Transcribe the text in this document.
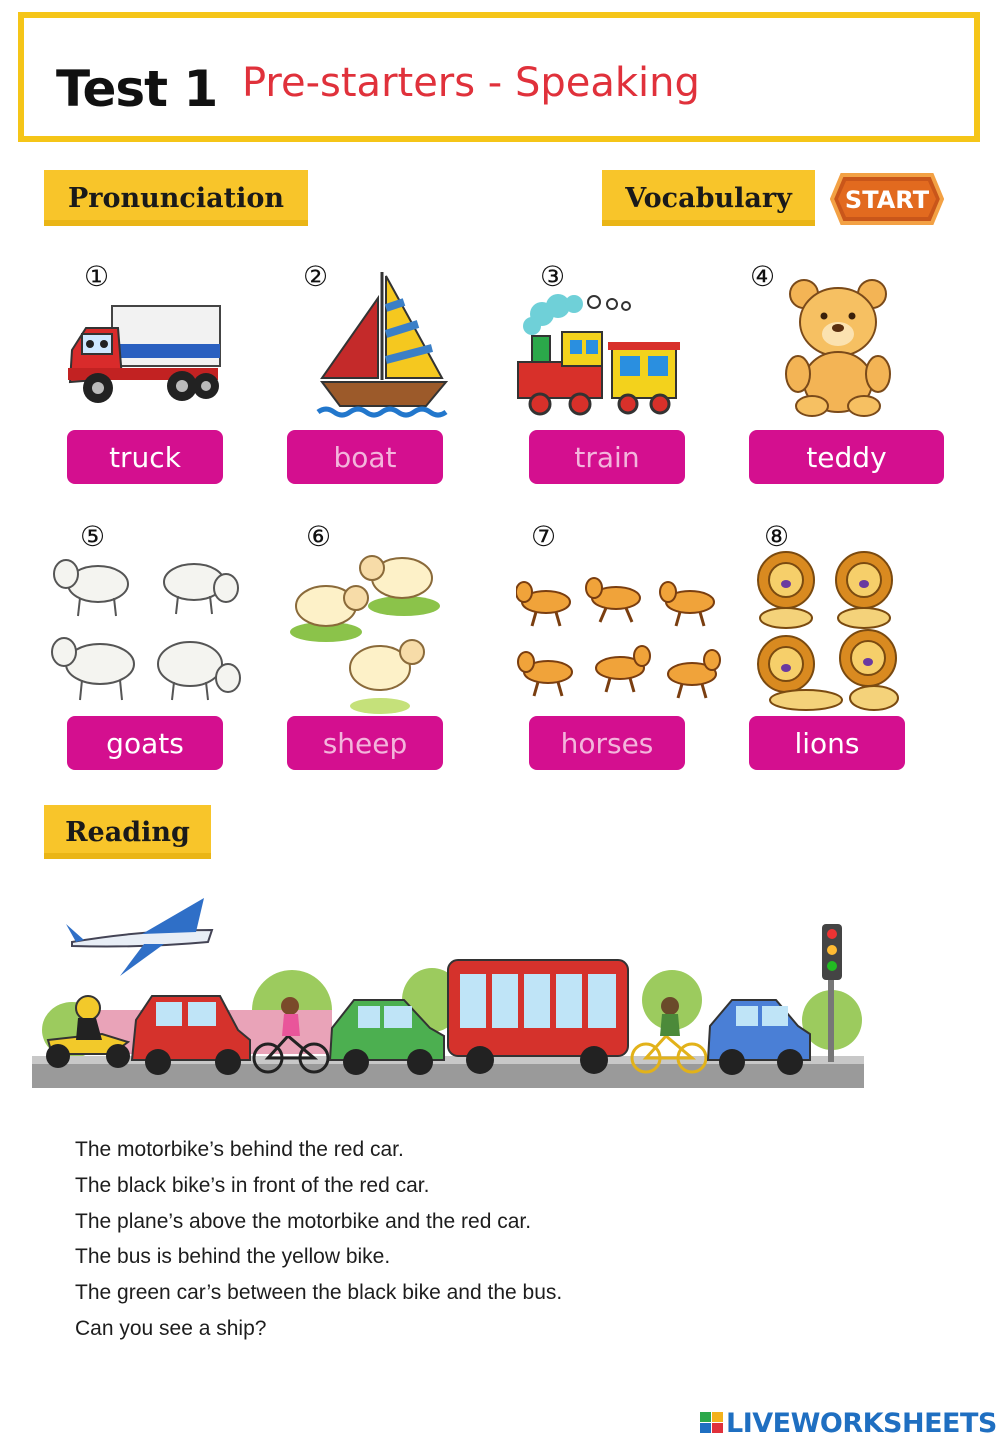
Test 1 Pre-starters - Speaking
Pronunciation	Vocabulary START
①	②	③	④
⑤	⑥	⑦	⑧
truck	boat	train	teddy
goats	sheep	horses	lions
Reading
The motorbike’s behind the red car.
The black bike’s in front of the red car.
The plane’s above the motorbike and the red car.
The bus is behind the yellow bike.
The green car’s between the black bike and the bus.
Can you see a ship?
LIVEWORKSHEETS
